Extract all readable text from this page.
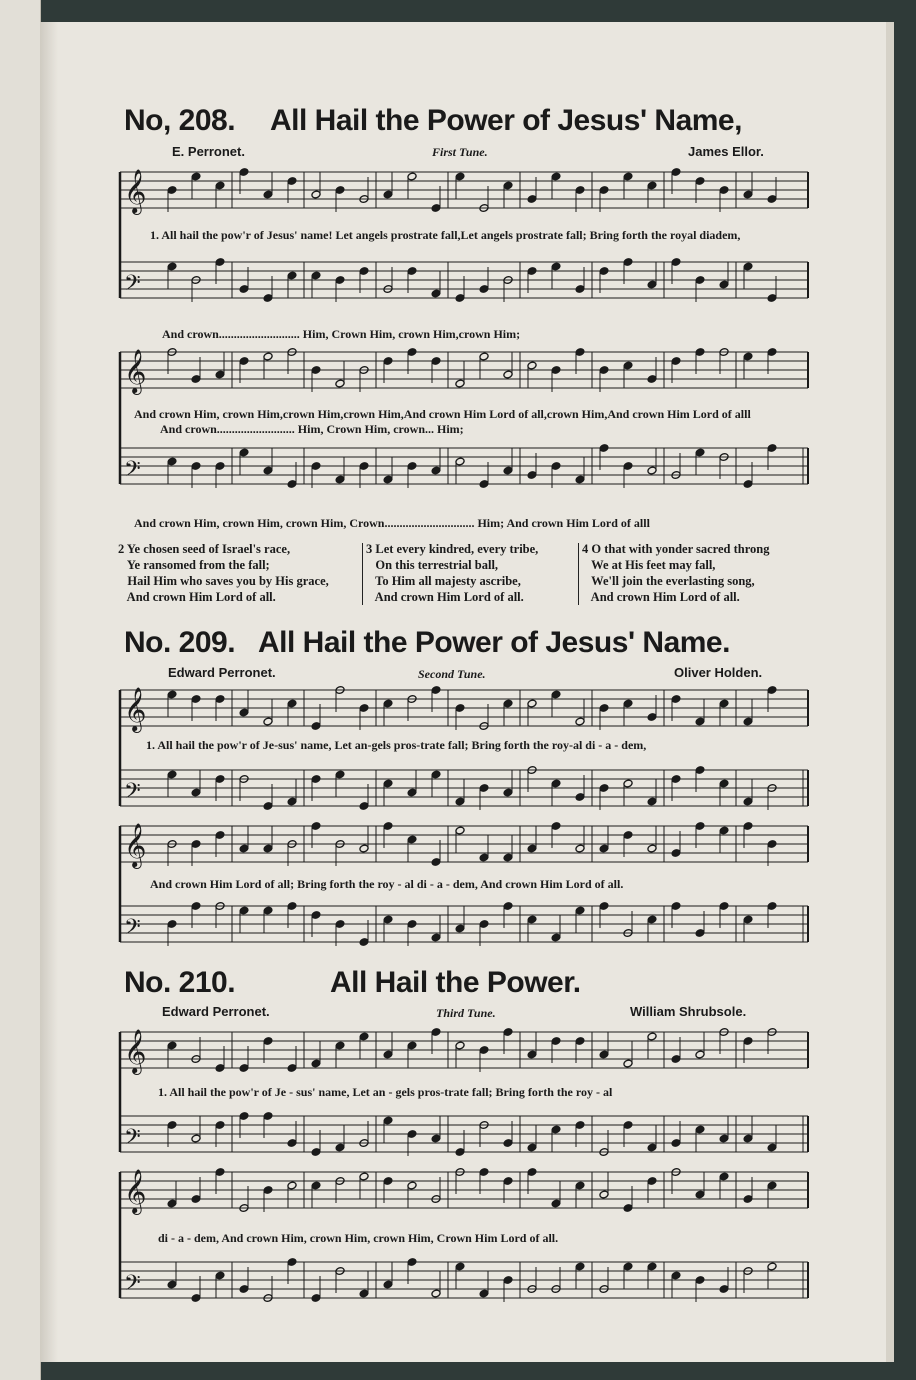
No, 208. All Hail the Power of Jesus' Name,
E. Perronet.	First Tune.	James Ellor.
𝄞
𝄢
𝄞
𝄢
𝄞
𝄢
𝄞
𝄢
𝄞
𝄢
𝄞
𝄢
1. All hail the pow'r of Jesus' name! Let angels prostrate fall,Let angels prostrate fall; Bring forth the royal diadem,
And crown........................... Him, Crown Him, crown Him,crown Him;
And crown Him, crown Him,crown Him,crown Him,And crown Him Lord of all,crown Him,And crown Him Lord of alll
And crown.......................... Him, Crown Him, crown... Him;
And crown Him, crown Him, crown Him, Crown.............................. Him; And crown Him Lord of alll
2 Ye chosen seed of Israel's race,
Ye ransomed from the fall;
Hail Him who saves you by His grace,
And crown Him Lord of all.
3 Let every kindred, every tribe,
On this terrestrial ball,
To Him all majesty ascribe,
And crown Him Lord of all.
4 O that with yonder sacred throng
We at His feet may fall,
We'll join the everlasting song,
And crown Him Lord of all.
No. 209. All Hail the Power of Jesus' Name.
Edward Perronet.	Second Tune.	Oliver Holden.
1. All hail the pow'r of Je-sus' name, Let an-gels pros-trate fall; Bring forth the roy-al di - a - dem,
And crown Him Lord of all; Bring forth the roy - al di - a - dem, And crown Him Lord of all.
No. 210.	All Hail the Power.
Edward Perronet.	Third Tune.	William Shrubsole.
1. All hail the pow'r of Je - sus' name, Let an - gels pros-trate fall; Bring forth the roy - al
di - a - dem, And crown Him, crown Him, crown Him, Crown Him Lord of all.
